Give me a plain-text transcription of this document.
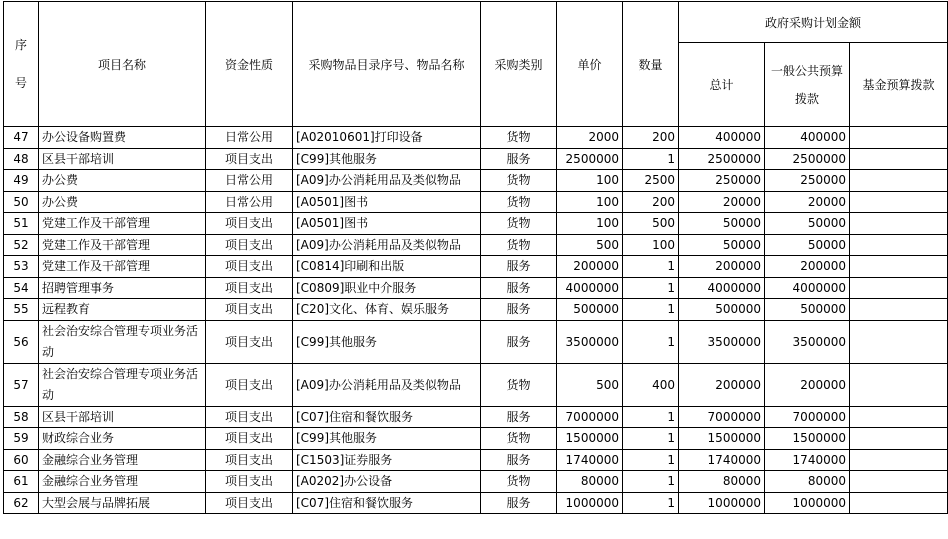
序号	项目名称	资金性质	采购物品目录序号、物品名称	采购类别	单价	数量	政府采购计划金额		
							总计	一般公共预算拨款	基金预算拨款
47	办公设备购置费	日常公用	[A02010601]打印设备	货物	2000	200	400000	400000	
48	区县干部培训	项目支出	[C99]其他服务	服务	2500000	1	2500000	2500000	
49	办公费	日常公用	[A09]办公消耗用品及类似物品	货物	100	2500	250000	250000	
50	办公费	日常公用	[A0501]图书	货物	100	200	20000	20000	
51	党建工作及干部管理	项目支出	[A0501]图书	货物	100	500	50000	50000	
52	党建工作及干部管理	项目支出	[A09]办公消耗用品及类似物品	货物	500	100	50000	50000	
53	党建工作及干部管理	项目支出	[C0814]印刷和出版	服务	200000	1	200000	200000	
54	招聘管理事务	项目支出	[C0809]职业中介服务	服务	4000000	1	4000000	4000000	
55	远程教育	项目支出	[C20]文化、体育、娱乐服务	服务	500000	1	500000	500000	
56	社会治安综合管理专项业务活动	项目支出	[C99]其他服务	服务	3500000	1	3500000	3500000	
57	社会治安综合管理专项业务活动	项目支出	[A09]办公消耗用品及类似物品	货物	500	400	200000	200000	
58	区县干部培训	项目支出	[C07]住宿和餐饮服务	服务	7000000	1	7000000	7000000	
59	财政综合业务	项目支出	[C99]其他服务	货物	1500000	1	1500000	1500000	
60	金融综合业务管理	项目支出	[C1503]证券服务	服务	1740000	1	1740000	1740000	
61	金融综合业务管理	项目支出	[A0202]办公设备	货物	80000	1	80000	80000	
62	大型会展与品牌拓展	项目支出	[C07]住宿和餐饮服务	服务	1000000	1	1000000	1000000	
